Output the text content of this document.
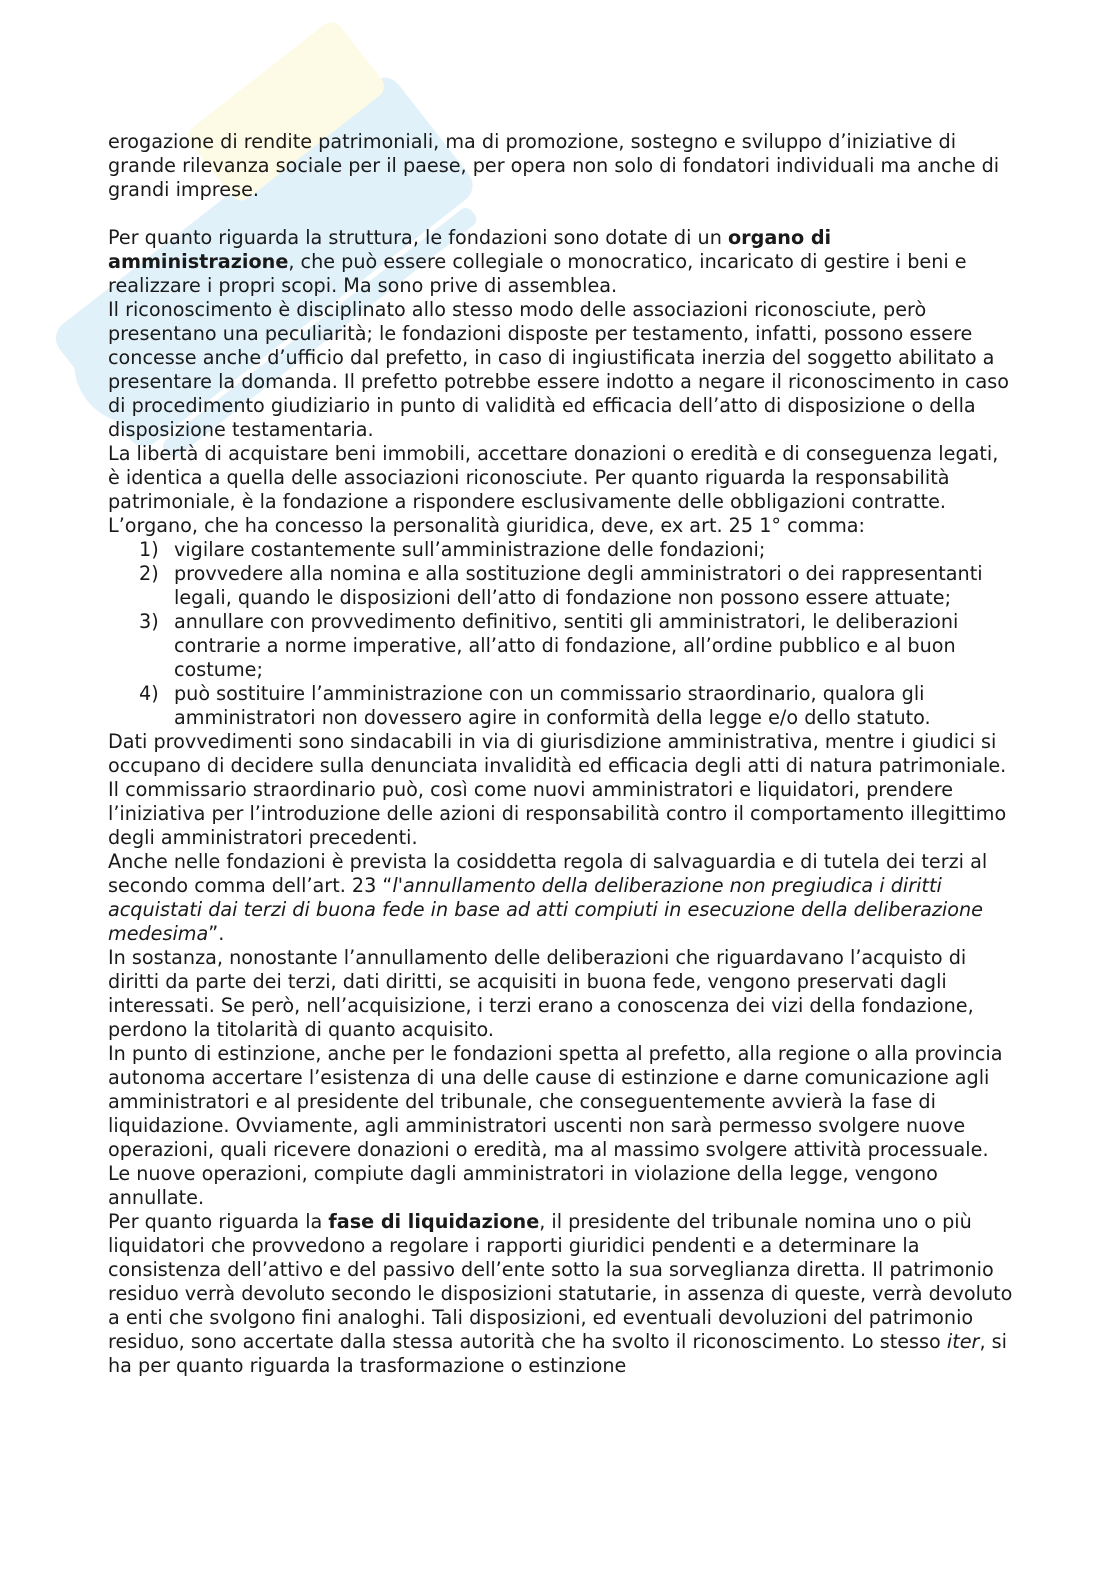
erogazione di rendite patrimoniali, ma di promozione, sostegno e sviluppo d’iniziative di grande rilevanza sociale per il paese, per opera non solo di fondatori individuali ma anche di grandi imprese.

Per quanto riguarda la struttura, le fondazioni sono dotate di un organo di amministrazione, che può essere collegiale o monocratico, incaricato di gestire i beni e realizzare i propri scopi. Ma sono prive di assemblea.

Il riconoscimento è disciplinato allo stesso modo delle associazioni riconosciute, però presentano una peculiarità; le fondazioni disposte per testamento, infatti, possono essere concesse anche d’ufficio dal prefetto, in caso di ingiustificata inerzia del soggetto abilitato a presentare la domanda. Il prefetto potrebbe essere indotto a negare il riconoscimento in caso di procedimento giudiziario in punto di validità ed efficacia dell’atto di disposizione o della disposizione testamentaria.

La libertà di acquistare beni immobili, accettare donazioni o eredità e di conseguenza legati, è identica a quella delle associazioni riconosciute. Per quanto riguarda la responsabilità patrimoniale, è la fondazione a rispondere esclusivamente delle obbligazioni contratte.

L’organo, che ha concesso la personalità giuridica, deve, ex art. 25 1° comma:

1) vigilare costantemente sull’amministrazione delle fondazioni;
2) provvedere alla nomina e alla sostituzione degli amministratori o dei rappresentanti legali, quando le disposizioni dell’atto di fondazione non possono essere attuate;
3) annullare con provvedimento definitivo, sentiti gli amministratori, le deliberazioni contrarie a norme imperative, all’atto di fondazione, all’ordine pubblico e al buon costume;
4) può sostituire l’amministrazione con un commissario straordinario, qualora gli amministratori non dovessero agire in conformità della legge e/o dello statuto.

Dati provvedimenti sono sindacabili in via di giurisdizione amministrativa, mentre i giudici si occupano di decidere sulla denunciata invalidità ed efficacia degli atti di natura patrimoniale.

Il commissario straordinario può, così come nuovi amministratori e liquidatori, prendere l’iniziativa per l’introduzione delle azioni di responsabilità contro il comportamento illegittimo degli amministratori precedenti.

Anche nelle fondazioni è prevista la cosiddetta regola di salvaguardia e di tutela dei terzi al secondo comma dell’art. 23 “l'annullamento della deliberazione non pregiudica i diritti acquistati dai terzi di buona fede in base ad atti compiuti in esecuzione della deliberazione medesima”.

In sostanza, nonostante l’annullamento delle deliberazioni che riguardavano l’acquisto di diritti da parte dei terzi, dati diritti, se acquisiti in buona fede, vengono preservati dagli interessati. Se però, nell’acquisizione, i terzi erano a conoscenza dei vizi della fondazione, perdono la titolarità di quanto acquisito.

In punto di estinzione, anche per le fondazioni spetta al prefetto, alla regione o alla provincia autonoma accertare l’esistenza di una delle cause di estinzione e darne comunicazione agli amministratori e al presidente del tribunale, che conseguentemente avvierà la fase di liquidazione. Ovviamente, agli amministratori uscenti non sarà permesso svolgere nuove operazioni, quali ricevere donazioni o eredità, ma al massimo svolgere attività processuale. Le nuove operazioni, compiute dagli amministratori in violazione della legge, vengono annullate.

Per quanto riguarda la fase di liquidazione, il presidente del tribunale nomina uno o più liquidatori che provvedono a regolare i rapporti giuridici pendenti e a determinare la consistenza dell’attivo e del passivo dell’ente sotto la sua sorveglianza diretta. Il patrimonio residuo verrà devoluto secondo le disposizioni statutarie, in assenza di queste, verrà devoluto a enti che svolgono fini analoghi. Tali disposizioni, ed eventuali devoluzioni del patrimonio residuo, sono accertate dalla stessa autorità che ha svolto il riconoscimento. Lo stesso iter, si ha per quanto riguarda la trasformazione o estinzione
